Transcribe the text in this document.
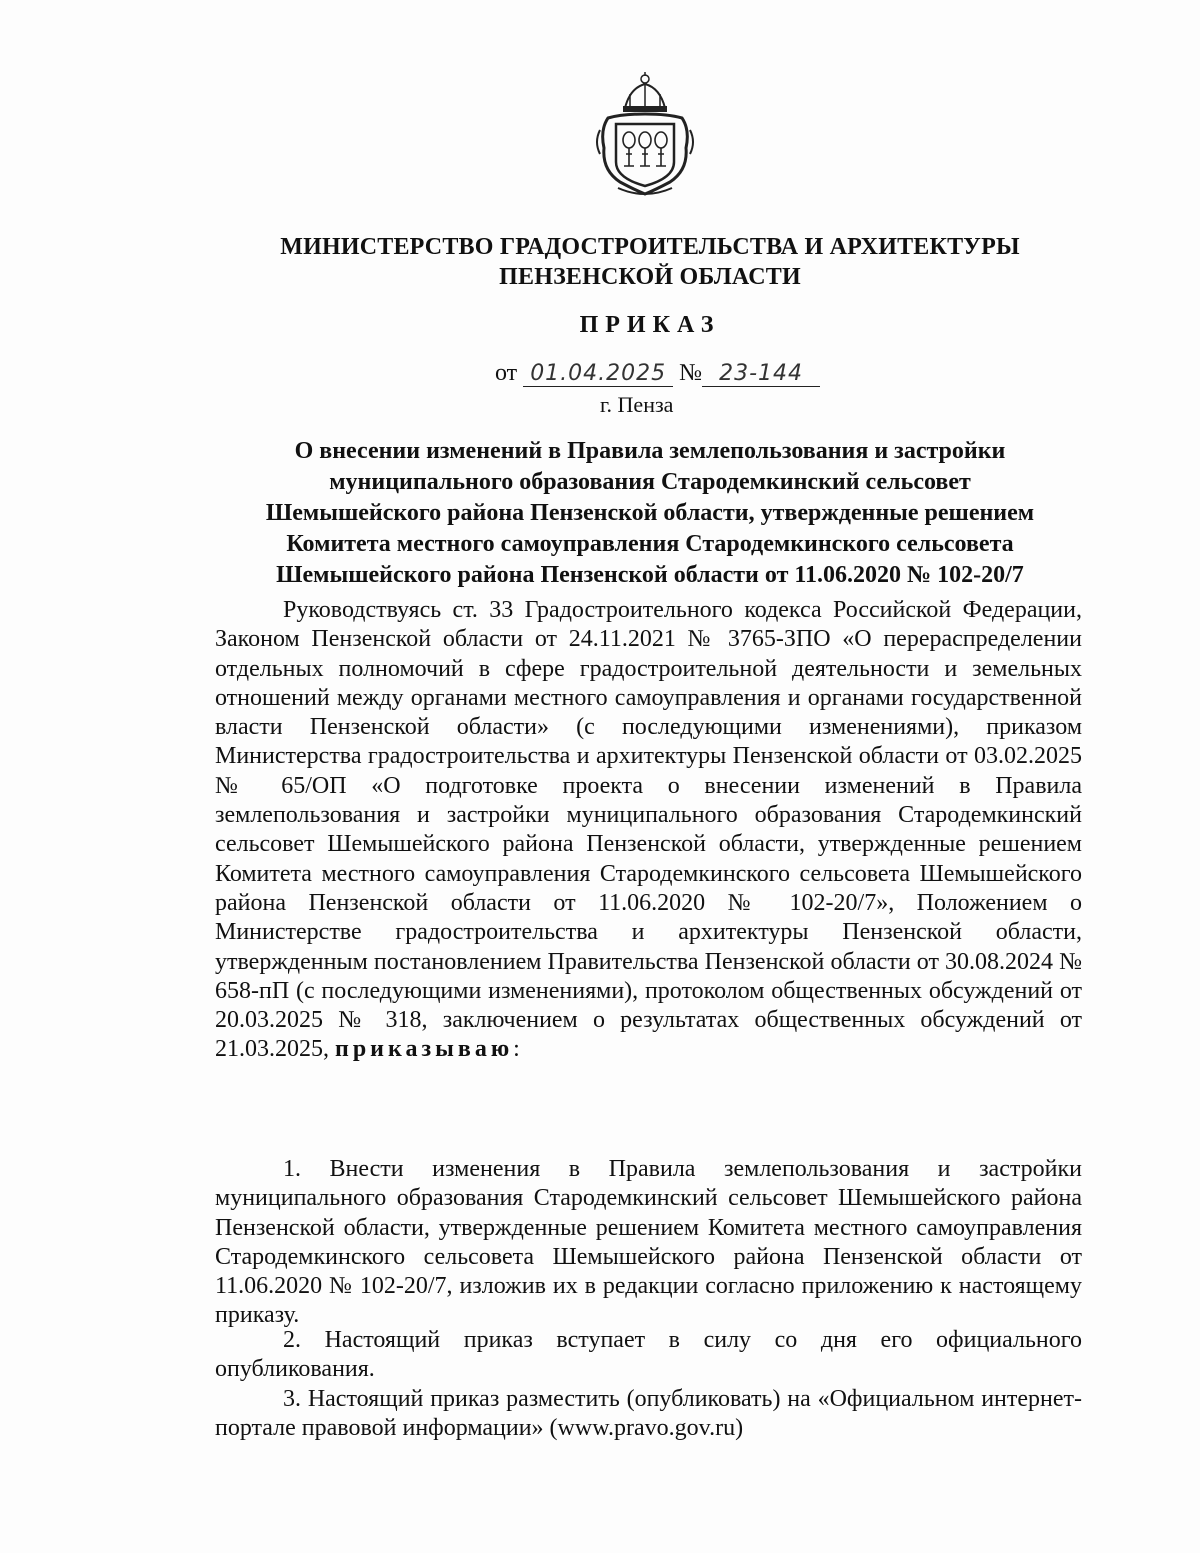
МИНИСТЕРСТВО ГРАДОСТРОИТЕЛЬСТВА И АРХИТЕКТУРЫ
ПЕНЗЕНСКОЙ ОБЛАСТИ
ПРИКАЗ
от 01.04.2025 № 23-144
г. Пенза
О внесении изменений в Правила землепользования и застройки
муниципального образования Стародемкинский сельсовет
Шемышейского района Пензенской области, утвержденные решением
Комитета местного самоуправления Стародемкинского сельсовета
Шемышейского района Пензенской области от 11.06.2020 № 102-20/7
Руководствуясь ст. 33 Градостроительного кодекса Российской Федерации, Законом Пензенской области от 24.11.2021 № 3765-ЗПО «О перераспределении отдельных полномочий в сфере градостроительной деятельности и земельных отношений между органами местного самоуправления и органами государственной власти Пензенской области» (с последующими изменениями), приказом Министерства градостроительства и архитектуры Пензенской области от 03.02.2025 № 65/ОП «О подготовке проекта о внесении изменений в Правила землепользования и застройки муниципального образования Стародемкинский сельсовет Шемышейского района Пензенской области, утвержденные решением Комитета местного самоуправления Стародемкинского сельсовета Шемышейского района Пензенской области от 11.06.2020 № 102-20/7», Положением о Министерстве градостроительства и архитектуры Пензенской области, утвержденным постановлением Правительства Пензенской области от 30.08.2024 № 658-пП (с последующими изменениями), протоколом общественных обсуждений от 20.03.2025 № 318, заключением о результатах общественных обсуждений от 21.03.2025, приказываю:
1. Внести изменения в Правила землепользования и застройки муниципального образования Стародемкинский сельсовет Шемышейского района Пензенской области, утвержденные решением Комитета местного самоуправления Стародемкинского сельсовета Шемышейского района Пензенской области от 11.06.2020 № 102-20/7, изложив их в редакции согласно приложению к настоящему приказу.
2. Настоящий приказ вступает в силу со дня его официального опубликования.
3. Настоящий приказ разместить (опубликовать) на «Официальном интернет-портале правовой информации» (www.pravo.gov.ru)
